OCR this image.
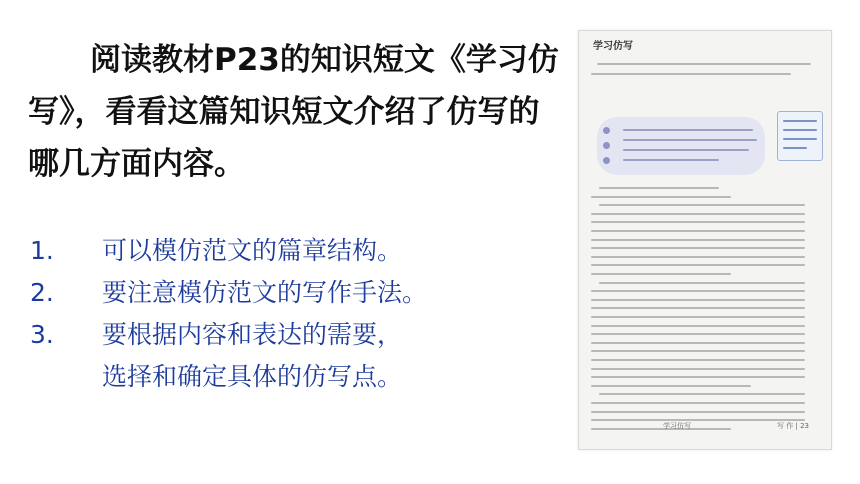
阅读教材P23的知识短文《学习仿写》，看看这篇知识短文介绍了仿写的哪几方面内容。
1. 可以模仿范文的篇章结构。
2. 要注意模仿范文的写作手法。
3. 要根据内容和表达的需要，
选择和确定具体的仿写点。
学习仿写
学习仿写	写 作 | 23
